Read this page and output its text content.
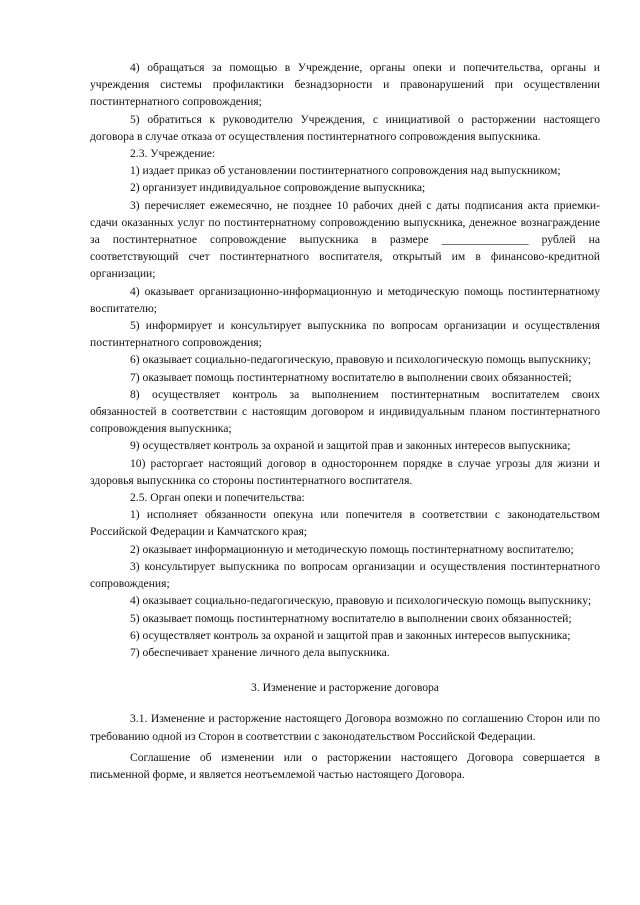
4) обращаться за помощью в Учреждение, органы опеки и попечительства, органы и учреждения системы профилактики безнадзорности и правонарушений при осуществлении постинтернатного сопровождения;

5) обратиться к руководителю Учреждения, с инициативой о расторжении настоящего договора в случае отказа от осуществления постинтернатного сопровождения выпускника.

2.3. Учреждение:

1) издает приказ об установлении постинтернатного сопровождения над выпускником;

2) организует индивидуальное сопровождение выпускника;

3) перечисляет ежемесячно, не позднее 10 рабочих дней с даты подписания акта приемки-сдачи оказанных услуг по постинтернатному сопровождению выпускника, денежное вознаграждение за постинтернатное сопровождение выпускника в размере _______________ рублей на соответствующий счет постинтернатного воспитателя, открытый им в финансово-кредитной организации;

4) оказывает организационно-информационную и методическую помощь постинтернатному воспитателю;

5) информирует и консультирует выпускника по вопросам организации и осуществления постинтернатного сопровождения;

6) оказывает социально-педагогическую, правовую и психологическую помощь выпускнику;

7) оказывает помощь постинтернатному воспитателю в выполнении своих обязанностей;

8) осуществляет контроль за выполнением постинтернатным воспитателем своих обязанностей в соответствии с настоящим договором и индивидуальным планом постинтернатного сопровождения выпускника;

9) осуществляет контроль за охраной и защитой прав и законных интересов выпускника;

10) расторгает настоящий договор в одностороннем порядке в случае угрозы для жизни и здоровья выпускника со стороны постинтернатного воспитателя.

2.5. Орган опеки и попечительства:

1) исполняет обязанности опекуна или попечителя в соответствии с законодательством Российской Федерации и Камчатского края;

2) оказывает информационную и методическую помощь постинтернатному воспитателю;

3) консультирует выпускника по вопросам организации и осуществления постинтернатного сопровождения;

4) оказывает социально-педагогическую, правовую и психологическую помощь выпускнику;

5) оказывает помощь постинтернатному воспитателю в выполнении своих обязанностей;

6) осуществляет контроль за охраной и защитой прав и законных интересов выпускника;

7) обеспечивает хранение личного дела выпускника.

3. Изменение и расторжение договора

3.1. Изменение и расторжение настоящего Договора возможно по соглашению Сторон или по требованию одной из Сторон в соответствии с законодательством Российской Федерации.

Соглашение об изменении или о расторжении настоящего Договора совершается в письменной форме, и является неотъемлемой частью настоящего Договора.
